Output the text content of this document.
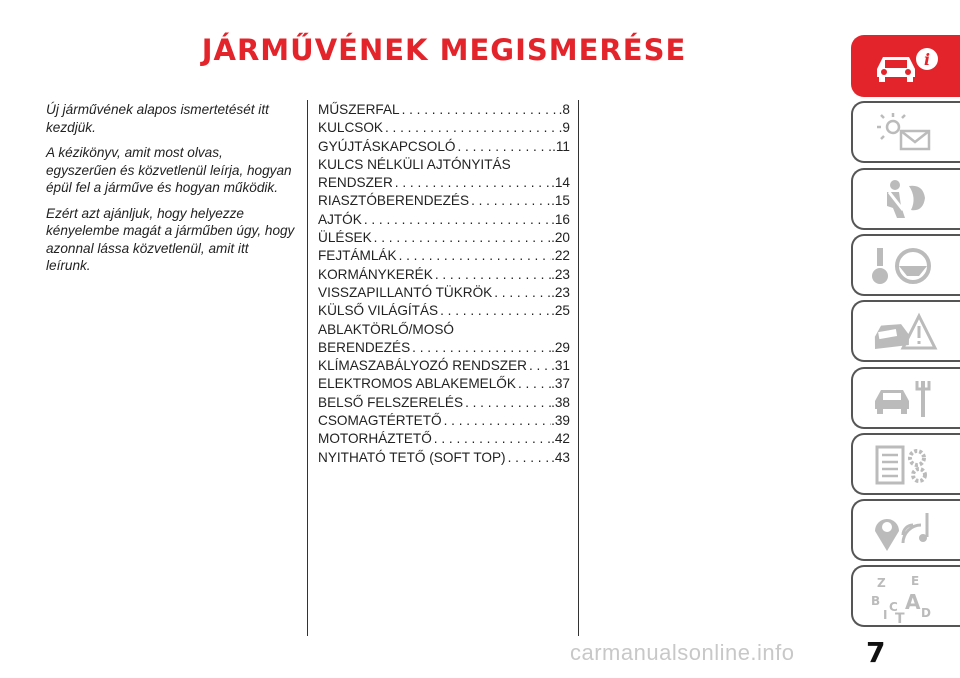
JÁRMŰVÉNEK MEGISMERÉSE

Új járművének alapos ismertetését itt kezdjük.

A kézikönyv, amit most olvas, egyszerűen és közvetlenül leírja, hogyan épül fel a járműve és hogyan működik.

Ezért azt ajánljuk, hogy helyezze kényelembe magát a járműben úgy, hogy azonnal lássa közvetlenül, amit itt leírunk.

MŰSZERFAL . . .	.8
KULCSOK . . .	.9
GYÚJTÁSKAPCSOLÓ . . .	.11
KULCS NÉLKÜLI AJTÓNYITÁS
RENDSZER . . .	.14
RIASZTÓBERENDEZÉS . . .	.15
AJTÓK . . .	.16
ÜLÉSEK . . .	.20
FEJTÁMLÁK . . .	.22
KORMÁNYKERÉK . . .	.23
VISSZAPILLANTÓ TÜKRÖK . . .	.23
KÜLSŐ VILÁGÍTÁS . . .	.25
ABLAKTÖRLŐ/MOSÓ
BERENDEZÉS . . .	.29
KLÍMASZABÁLYOZÓ RENDSZER . . . .31
ELEKTROMOS ABLAKEMELŐK . . .	.37
BELSŐ FELSZERELÉS . . .	.38
CSOMAGTÉRTETŐ . . .	.39
MOTORHÁZTETŐ . . .	.42
NYITHATÓ TETŐ (SOFT TOP) . . .	.43
i
Z E
B A
I
C
T D
7
carmanualsonline.info
